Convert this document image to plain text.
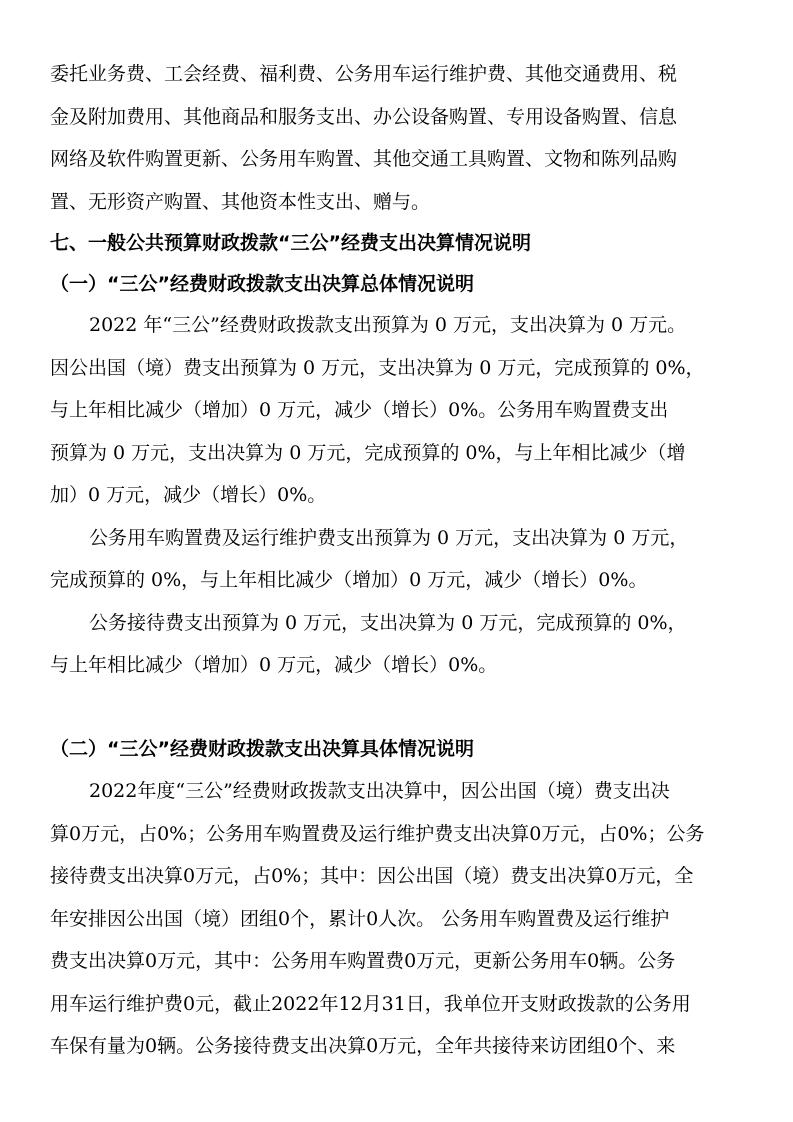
委托业务费、工会经费、福利费、公务用车运行维护费、其他交通费用、税
金及附加费用、其他商品和服务支出、办公设备购置、专用设备购置、信息
网络及软件购置更新、公务用车购置、其他交通工具购置、文物和陈列品购
置、无形资产购置、其他资本性支出、赠与。
七、一般公共预算财政拨款“三公”经费支出决算情况说明
（一）“三公”经费财政拨款支出决算总体情况说明
2022 年“三公”经费财政拨款支出预算为 0 万元，支出决算为 0 万元。
因公出国（境）费支出预算为 0 万元，支出决算为 0 万元，完成预算的 0%，
与上年相比减少（增加）0 万元，减少（增长）0%。公务用车购置费支出
预算为 0 万元，支出决算为 0 万元，完成预算的 0%，与上年相比减少（增
加）0 万元，减少（增长）0%。
公务用车购置费及运行维护费支出预算为 0 万元，支出决算为 0 万元，
完成预算的 0%，与上年相比减少（增加）0 万元，减少（增长）0%。
公务接待费支出预算为 0 万元，支出决算为 0 万元，完成预算的 0%，
与上年相比减少（增加）0 万元，减少（增长）0%。
（二）“三公”经费财政拨款支出决算具体情况说明
2022年度“三公”经费财政拨款支出决算中，因公出国（境）费支出决
算0万元，占0%；公务用车购置费及运行维护费支出决算0万元，占0%；公务
接待费支出决算0万元，占0%；其中：因公出国（境）费支出决算0万元，全
年安排因公出国（境）团组0个，累计0人次。 公务用车购置费及运行维护
费支出决算0万元，其中：公务用车购置费0万元，更新公务用车0辆。公务
用车运行维护费0元，截止2022年12月31日，我单位开支财政拨款的公务用
车保有量为0辆。公务接待费支出决算0万元，全年共接待来访团组0个、来
